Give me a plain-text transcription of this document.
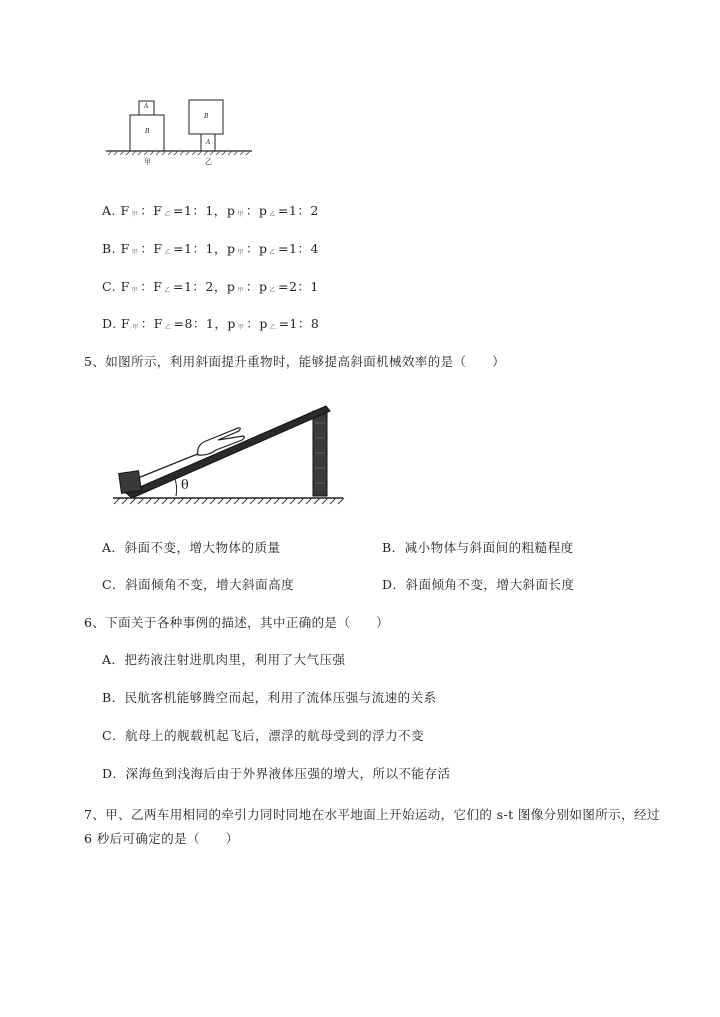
A
B
B
A
甲	乙
A. F $_甲$ ：F $_乙$ =1：1，p $_甲$ ：p $_乙$ =1：2
B. F $_甲$ ：F $_乙$ =1：1，p $_甲$ ：p $_乙$ =1：4
C. F $_甲$ ：F $_乙$ =1：2，p $_甲$ ：p $_乙$ =2：1
D. F $_甲$ ：F $_乙$ =8：1，p $_甲$ ：p $_乙$ =1：8
5、如图所示，利用斜面提升重物时，能够提高斜面机械效率的是（　　）
θ
A．斜面不变，增大物体的质量	B．减小物体与斜面间的粗糙程度
C．斜面倾角不变，增大斜面高度	D．斜面倾角不变，增大斜面长度
6、下面关于各种事例的描述，其中正确的是（　　）
A．把药液注射进肌肉里，利用了大气压强
B．民航客机能够腾空而起，利用了流体压强与流速的关系
C．航母上的舰载机起飞后，漂浮的航母受到的浮力不变
D．深海鱼到浅海后由于外界液体压强的增大，所以不能存活
7、甲、乙两车用相同的牵引力同时同地在水平地面上开始运动，它们的 s-t 图像分别如图所示，经过
6 秒后可确定的是（　　）
